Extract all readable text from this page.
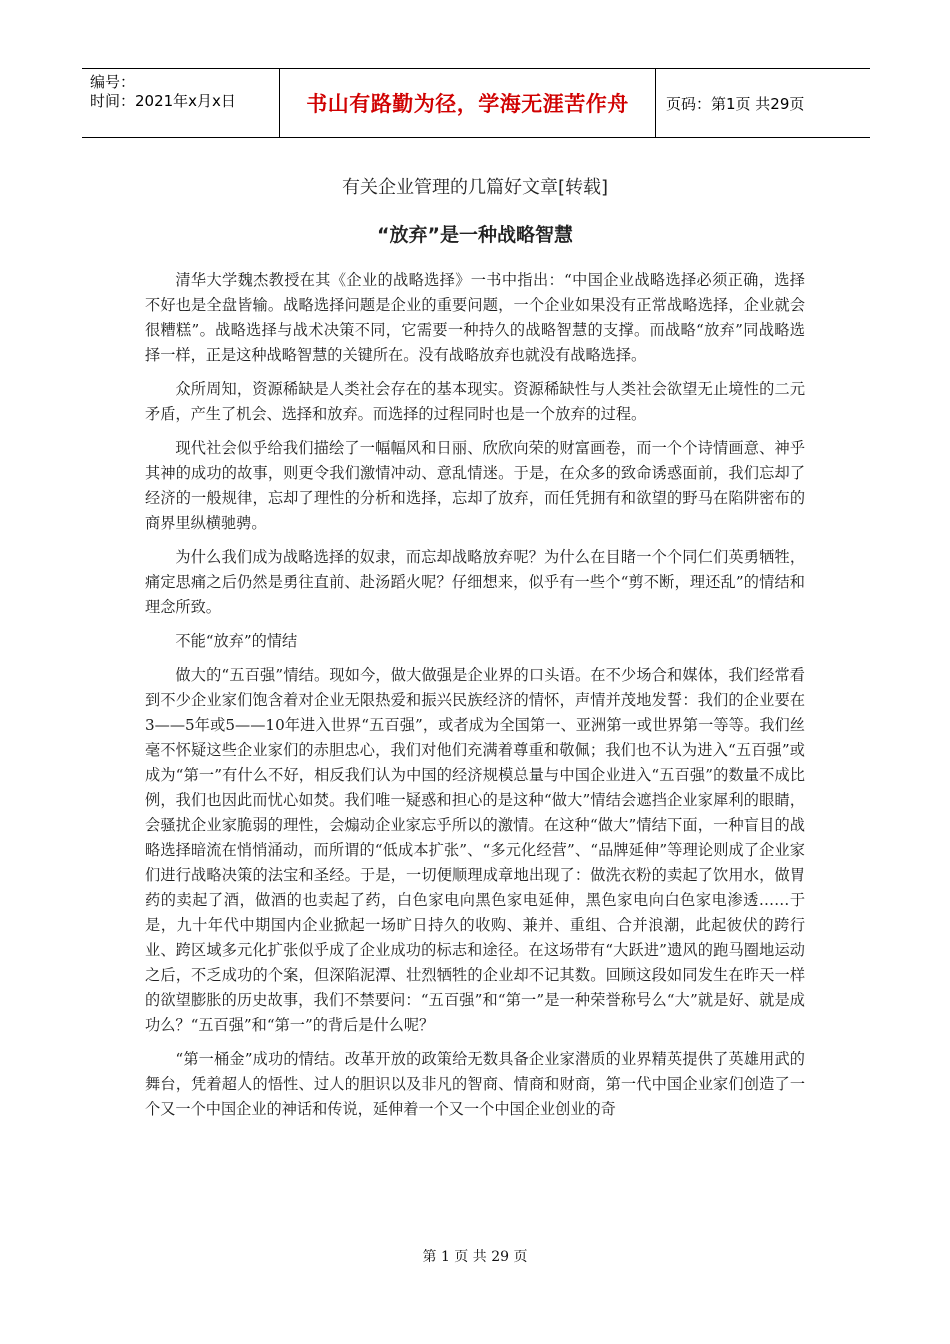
编号：
时间：2021年x月x日	书山有路勤为径，学海无涯苦作舟	页码：第1页 共29页
有关企业管理的几篇好文章[转载]
“放弃”是一种战略智慧

清华大学魏杰教授在其《企业的战略选择》一书中指出：“中国企业战略选择必须正确，选择不好也是全盘皆输。战略选择问题是企业的重要问题，一个企业如果没有正常战略选择，企业就会很糟糕”。战略选择与战术决策不同，它需要一种持久的战略智慧的支撑。而战略“放弃”同战略选择一样，正是这种战略智慧的关键所在。没有战略放弃也就没有战略选择。

众所周知，资源稀缺是人类社会存在的基本现实。资源稀缺性与人类社会欲望无止境性的二元矛盾，产生了机会、选择和放弃。而选择的过程同时也是一个放弃的过程。

现代社会似乎给我们描绘了一幅幅风和日丽、欣欣向荣的财富画卷，而一个个诗情画意、神乎其神的成功的故事，则更令我们激情冲动、意乱情迷。于是，在众多的致命诱惑面前，我们忘却了经济的一般规律，忘却了理性的分析和选择，忘却了放弃，而任凭拥有和欲望的野马在陷阱密布的商界里纵横驰骋。

为什么我们成为战略选择的奴隶，而忘却战略放弃呢？为什么在目睹一个个同仁们英勇牺牲，痛定思痛之后仍然是勇往直前、赴汤蹈火呢？仔细想来，似乎有一些个“剪不断，理还乱”的情结和理念所致。

不能“放弃”的情结

做大的“五百强”情结。现如今，做大做强是企业界的口头语。在不少场合和媒体，我们经常看到不少企业家们饱含着对企业无限热爱和振兴民族经济的情怀，声情并茂地发誓：我们的企业要在3——5年或5——10年进入世界“五百强”，或者成为全国第一、亚洲第一或世界第一等等。我们丝毫不怀疑这些企业家们的赤胆忠心，我们对他们充满着尊重和敬佩；我们也不认为进入“五百强”或成为“第一”有什么不好，相反我们认为中国的经济规模总量与中国企业进入“五百强”的数量不成比例，我们也因此而忧心如焚。我们唯一疑惑和担心的是这种“做大”情结会遮挡企业家犀利的眼睛，会骚扰企业家脆弱的理性，会煽动企业家忘乎所以的激情。在这种“做大”情结下面，一种盲目的战略选择暗流在悄悄涌动，而所谓的“低成本扩张”、“多元化经营”、“品牌延伸”等理论则成了企业家们进行战略决策的法宝和圣经。于是，一切便顺理成章地出现了：做洗衣粉的卖起了饮用水，做胃药的卖起了酒，做酒的也卖起了药，白色家电向黑色家电延伸，黑色家电向白色家电渗透……于是，九十年代中期国内企业掀起一场旷日持久的收购、兼并、重组、合并浪潮，此起彼伏的跨行业、跨区域多元化扩张似乎成了企业成功的标志和途径。在这场带有“大跃进”遗风的跑马圈地运动之后，不乏成功的个案，但深陷泥潭、壮烈牺牲的企业却不记其数。回顾这段如同发生在昨天一样的欲望膨胀的历史故事，我们不禁要问：“五百强”和“第一”是一种荣誉称号么“大”就是好、就是成功么？“五百强”和“第一”的背后是什么呢？

“第一桶金”成功的情结。改革开放的政策给无数具备企业家潜质的业界精英提供了英雄用武的舞台，凭着超人的悟性、过人的胆识以及非凡的智商、情商和财商，第一代中国企业家们创造了一个又一个中国企业的神话和传说，延伸着一个又一个中国企业创业的奇

第 1 页 共 29 页
